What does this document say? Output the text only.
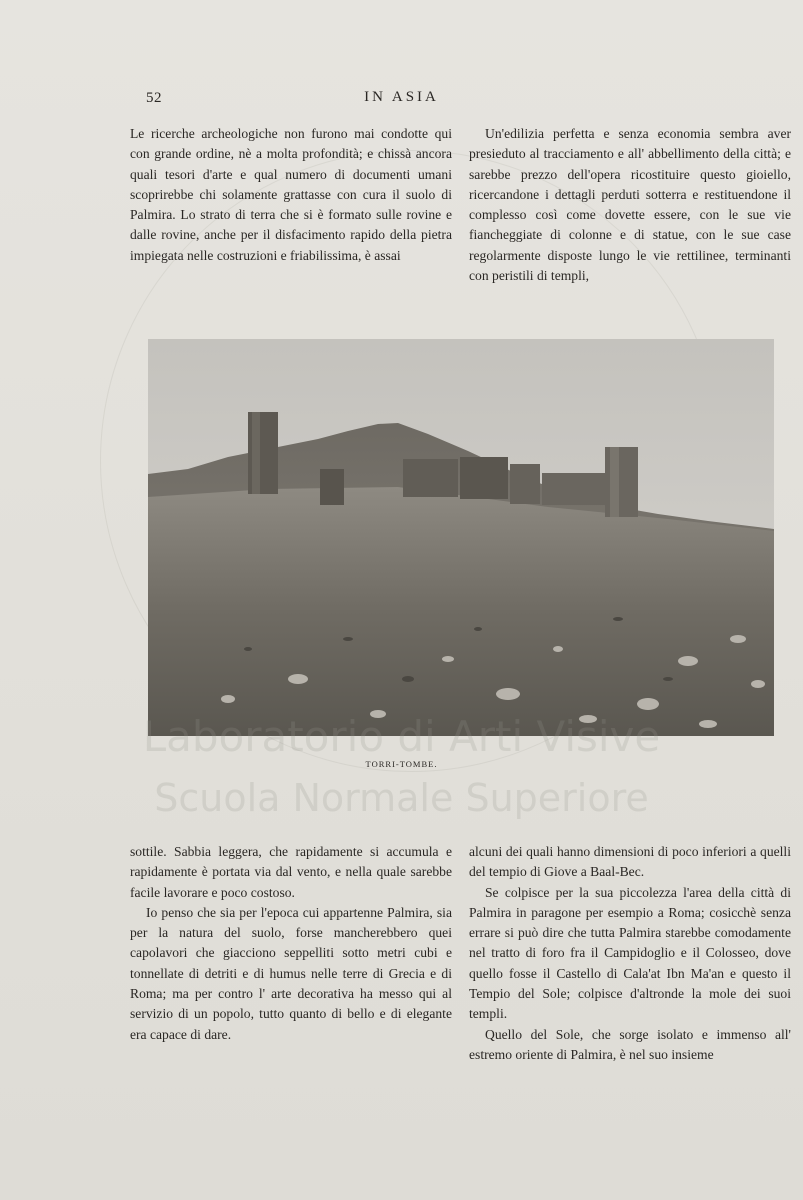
52	IN ASIA

Le ricerche archeologiche non furono mai condotte qui con grande ordine, nè a molta profondità; e chissà ancora quali tesori d'arte e qual numero di documenti umani scoprirebbe chi solamente grattasse con cura il suolo di Palmira. Lo strato di terra che si è formato sulle rovine e dalle rovine, anche per il disfacimento rapido della pietra impiegata nelle costruzioni e friabilissima, è assai

Un'edilizia perfetta e senza economia sembra aver presieduto al tracciamento e all' abbellimento della città; e sarebbe prezzo dell'opera ricostituire questo gioiello, ricercandone i dettagli perduti sotterra e restituendone il complesso così come dovette essere, con le sue vie fiancheggiate di colonne e di statue, con le sue case regolarmente disposte lungo le vie rettilinee, terminanti con peristili di templi,

TORRI-TOMBE.
Laboratorio di Arti Visive
Scuola Normale Superiore

sottile. Sabbia leggera, che rapidamente si accumula e rapidamente è portata via dal vento, e nella quale sarebbe facile lavorare e poco costoso.

Io penso che sia per l'epoca cui appartenne Palmira, sia per la natura del suolo, forse mancherebbero quei capolavori che giacciono seppelliti sotto metri cubi e tonnellate di detriti e di humus nelle terre di Grecia e di Roma; ma per contro l' arte decorativa ha messo qui al servizio di un popolo, tutto quanto di bello e di elegante era capace di dare.

alcuni dei quali hanno dimensioni di poco inferiori a quelli del tempio di Giove a Baal-Bec.

Se colpisce per la sua piccolezza l'area della città di Palmira in paragone per esempio a Roma; cosicchè senza errare si può dire che tutta Palmira starebbe comodamente nel tratto di foro fra il Campidoglio e il Colosseo, dove quello fosse il Castello di Cala'at Ibn Ma'an e questo il Tempio del Sole; colpisce d'altronde la mole dei suoi templi.

Quello del Sole, che sorge isolato e immenso all' estremo oriente di Palmira, è nel suo insieme
